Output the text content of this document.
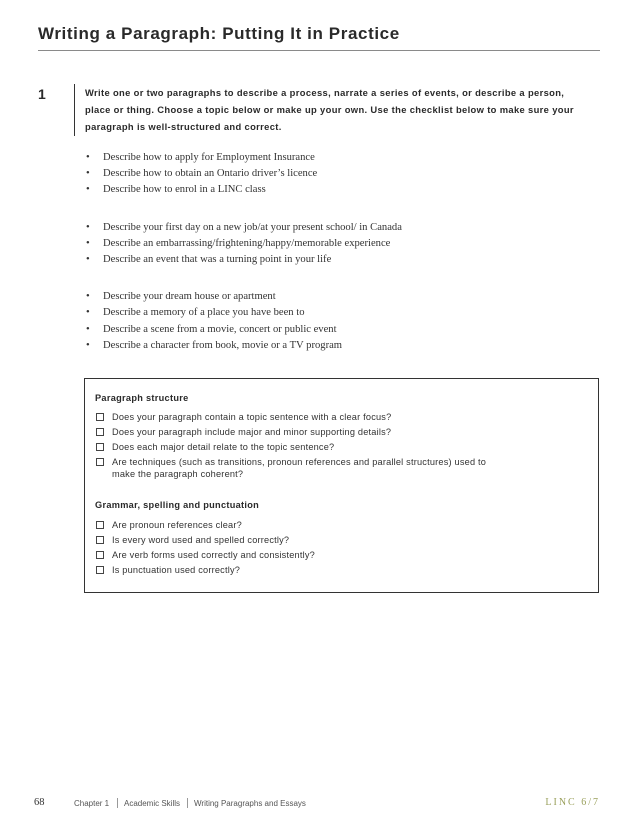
Writing a Paragraph: Putting It in Practice
1	Write one or two paragraphs to describe a process, narrate a series of events, or describe a person, place or thing. Choose a topic below or make up your own. Use the checklist below to make sure your paragraph is well-structured and correct.

• Describe how to apply for Employment Insurance
• Describe how to obtain an Ontario driver’s licence
• Describe how to enrol in a LINC class
• Describe your first day on a new job/at your present school/ in Canada
• Describe an embarrassing/frightening/happy/memorable experience
• Describe an event that was a turning point in your life
• Describe your dream house or apartment
• Describe a memory of a place you have been to
• Describe a scene from a movie, concert or public event
• Describe a character from book, movie or a TV program
Paragraph structure
Does your paragraph contain a topic sentence with a clear focus?
Does your paragraph include major and minor supporting details?
Does each major detail relate to the topic sentence?
Are techniques (such as transitions, pronoun references and parallel structures) used to make the paragraph coherent?
Grammar, spelling and punctuation
Are pronoun references clear?
Is every word used and spelled correctly?
Are verb forms used correctly and consistently?
Is punctuation used correctly?
68	Chapter 1 Academic Skills Writing Paragraphs and Essays	LINC 6/7
